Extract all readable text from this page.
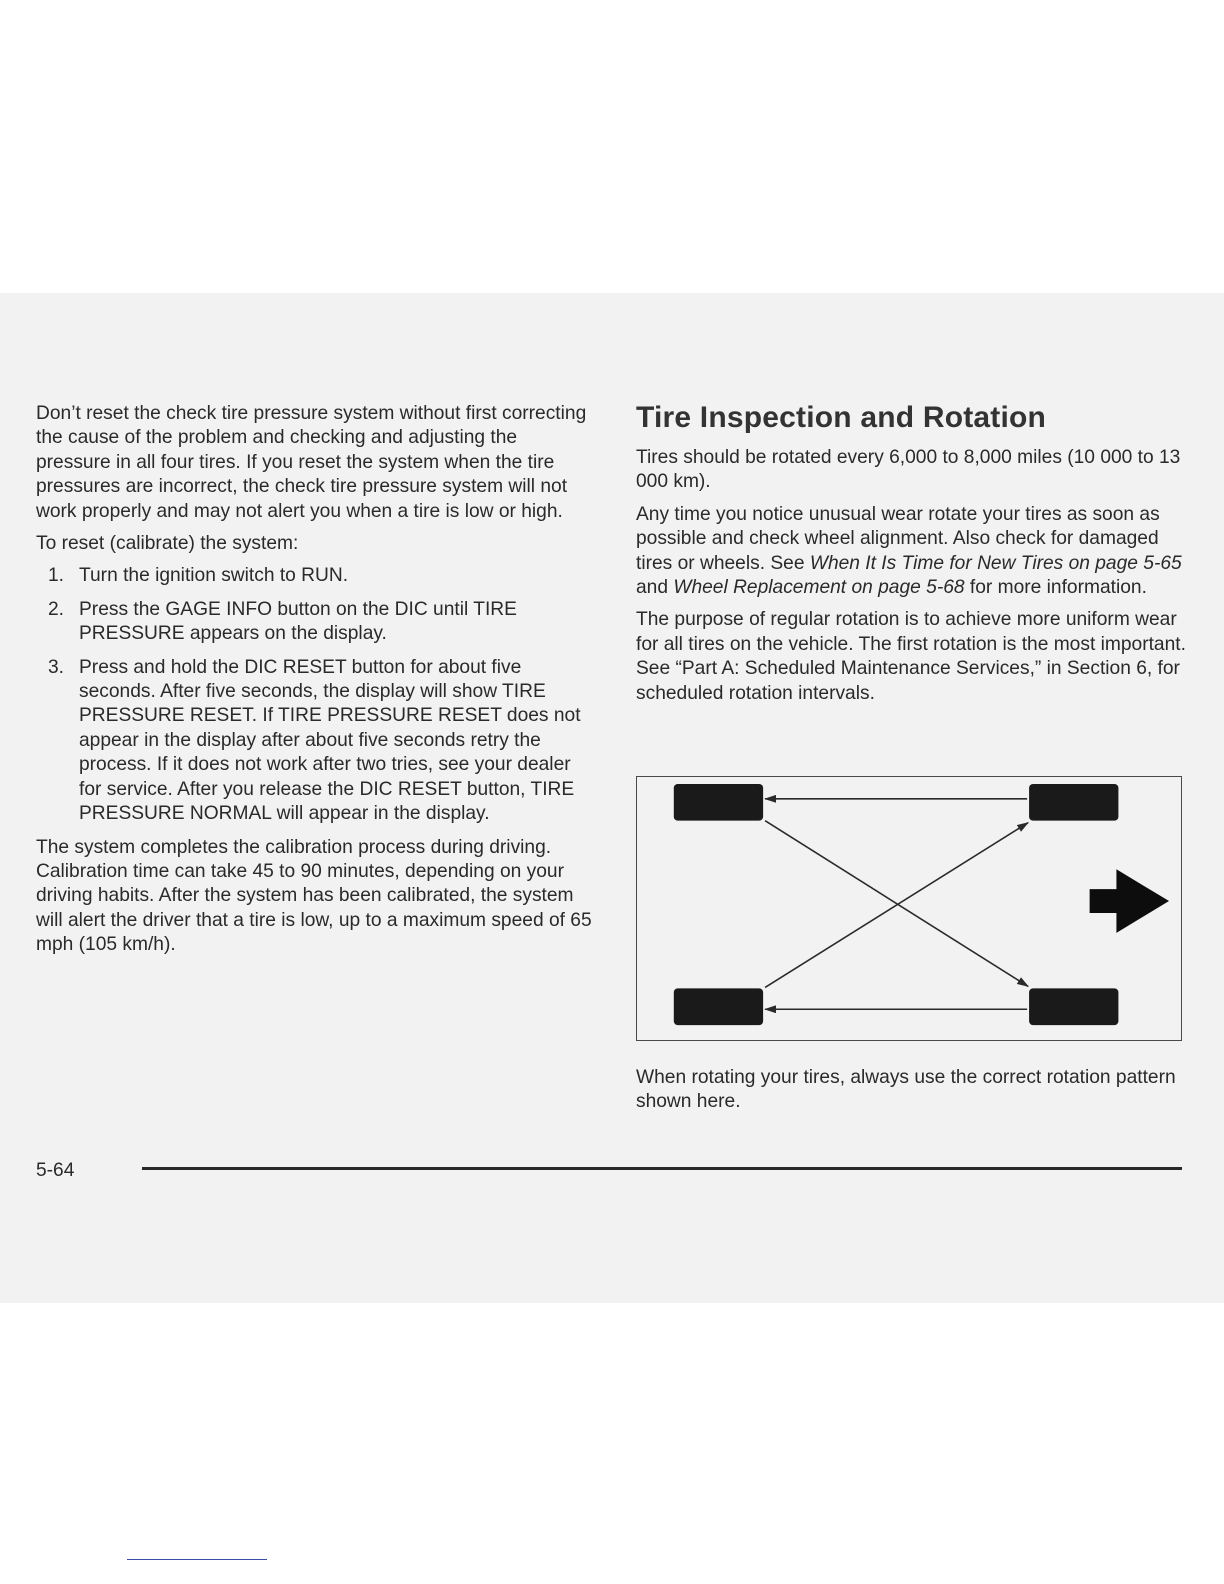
Don’t reset the check tire pressure system without first correcting the cause of the problem and checking and adjusting the pressure in all four tires. If you reset the system when the tire pressures are incorrect, the check tire pressure system will not work properly and may not alert you when a tire is low or high.

To reset (calibrate) the system:

1. Turn the ignition switch to RUN.
2. Press the GAGE INFO button on the DIC until TIRE PRESSURE appears on the display.
3. Press and hold the DIC RESET button for about five seconds. After five seconds, the display will show TIRE PRESSURE RESET. If TIRE PRESSURE RESET does not appear in the display after about five seconds retry the process. If it does not work after two tries, see your dealer for service. After you release the DIC RESET button, TIRE PRESSURE NORMAL will appear in the display.

The system completes the calibration process during driving. Calibration time can take 45 to 90 minutes, depending on your driving habits. After the system has been calibrated, the system will alert the driver that a tire is low, up to a maximum speed of 65 mph (105 km/h).

Tire Inspection and Rotation

Tires should be rotated every 6,000 to 8,000 miles (10 000 to 13 000 km).

Any time you notice unusual wear rotate your tires as soon as possible and check wheel alignment. Also check for damaged tires or wheels. See When It Is Time for New Tires on page 5-65 and Wheel Replacement on page 5-68 for more information.

The purpose of regular rotation is to achieve more uniform wear for all tires on the vehicle. The first rotation is the most important. See “Part A: Scheduled Maintenance Services,” in Section 6, for scheduled rotation intervals.

When rotating your tires, always use the correct rotation pattern shown here.
5-64
